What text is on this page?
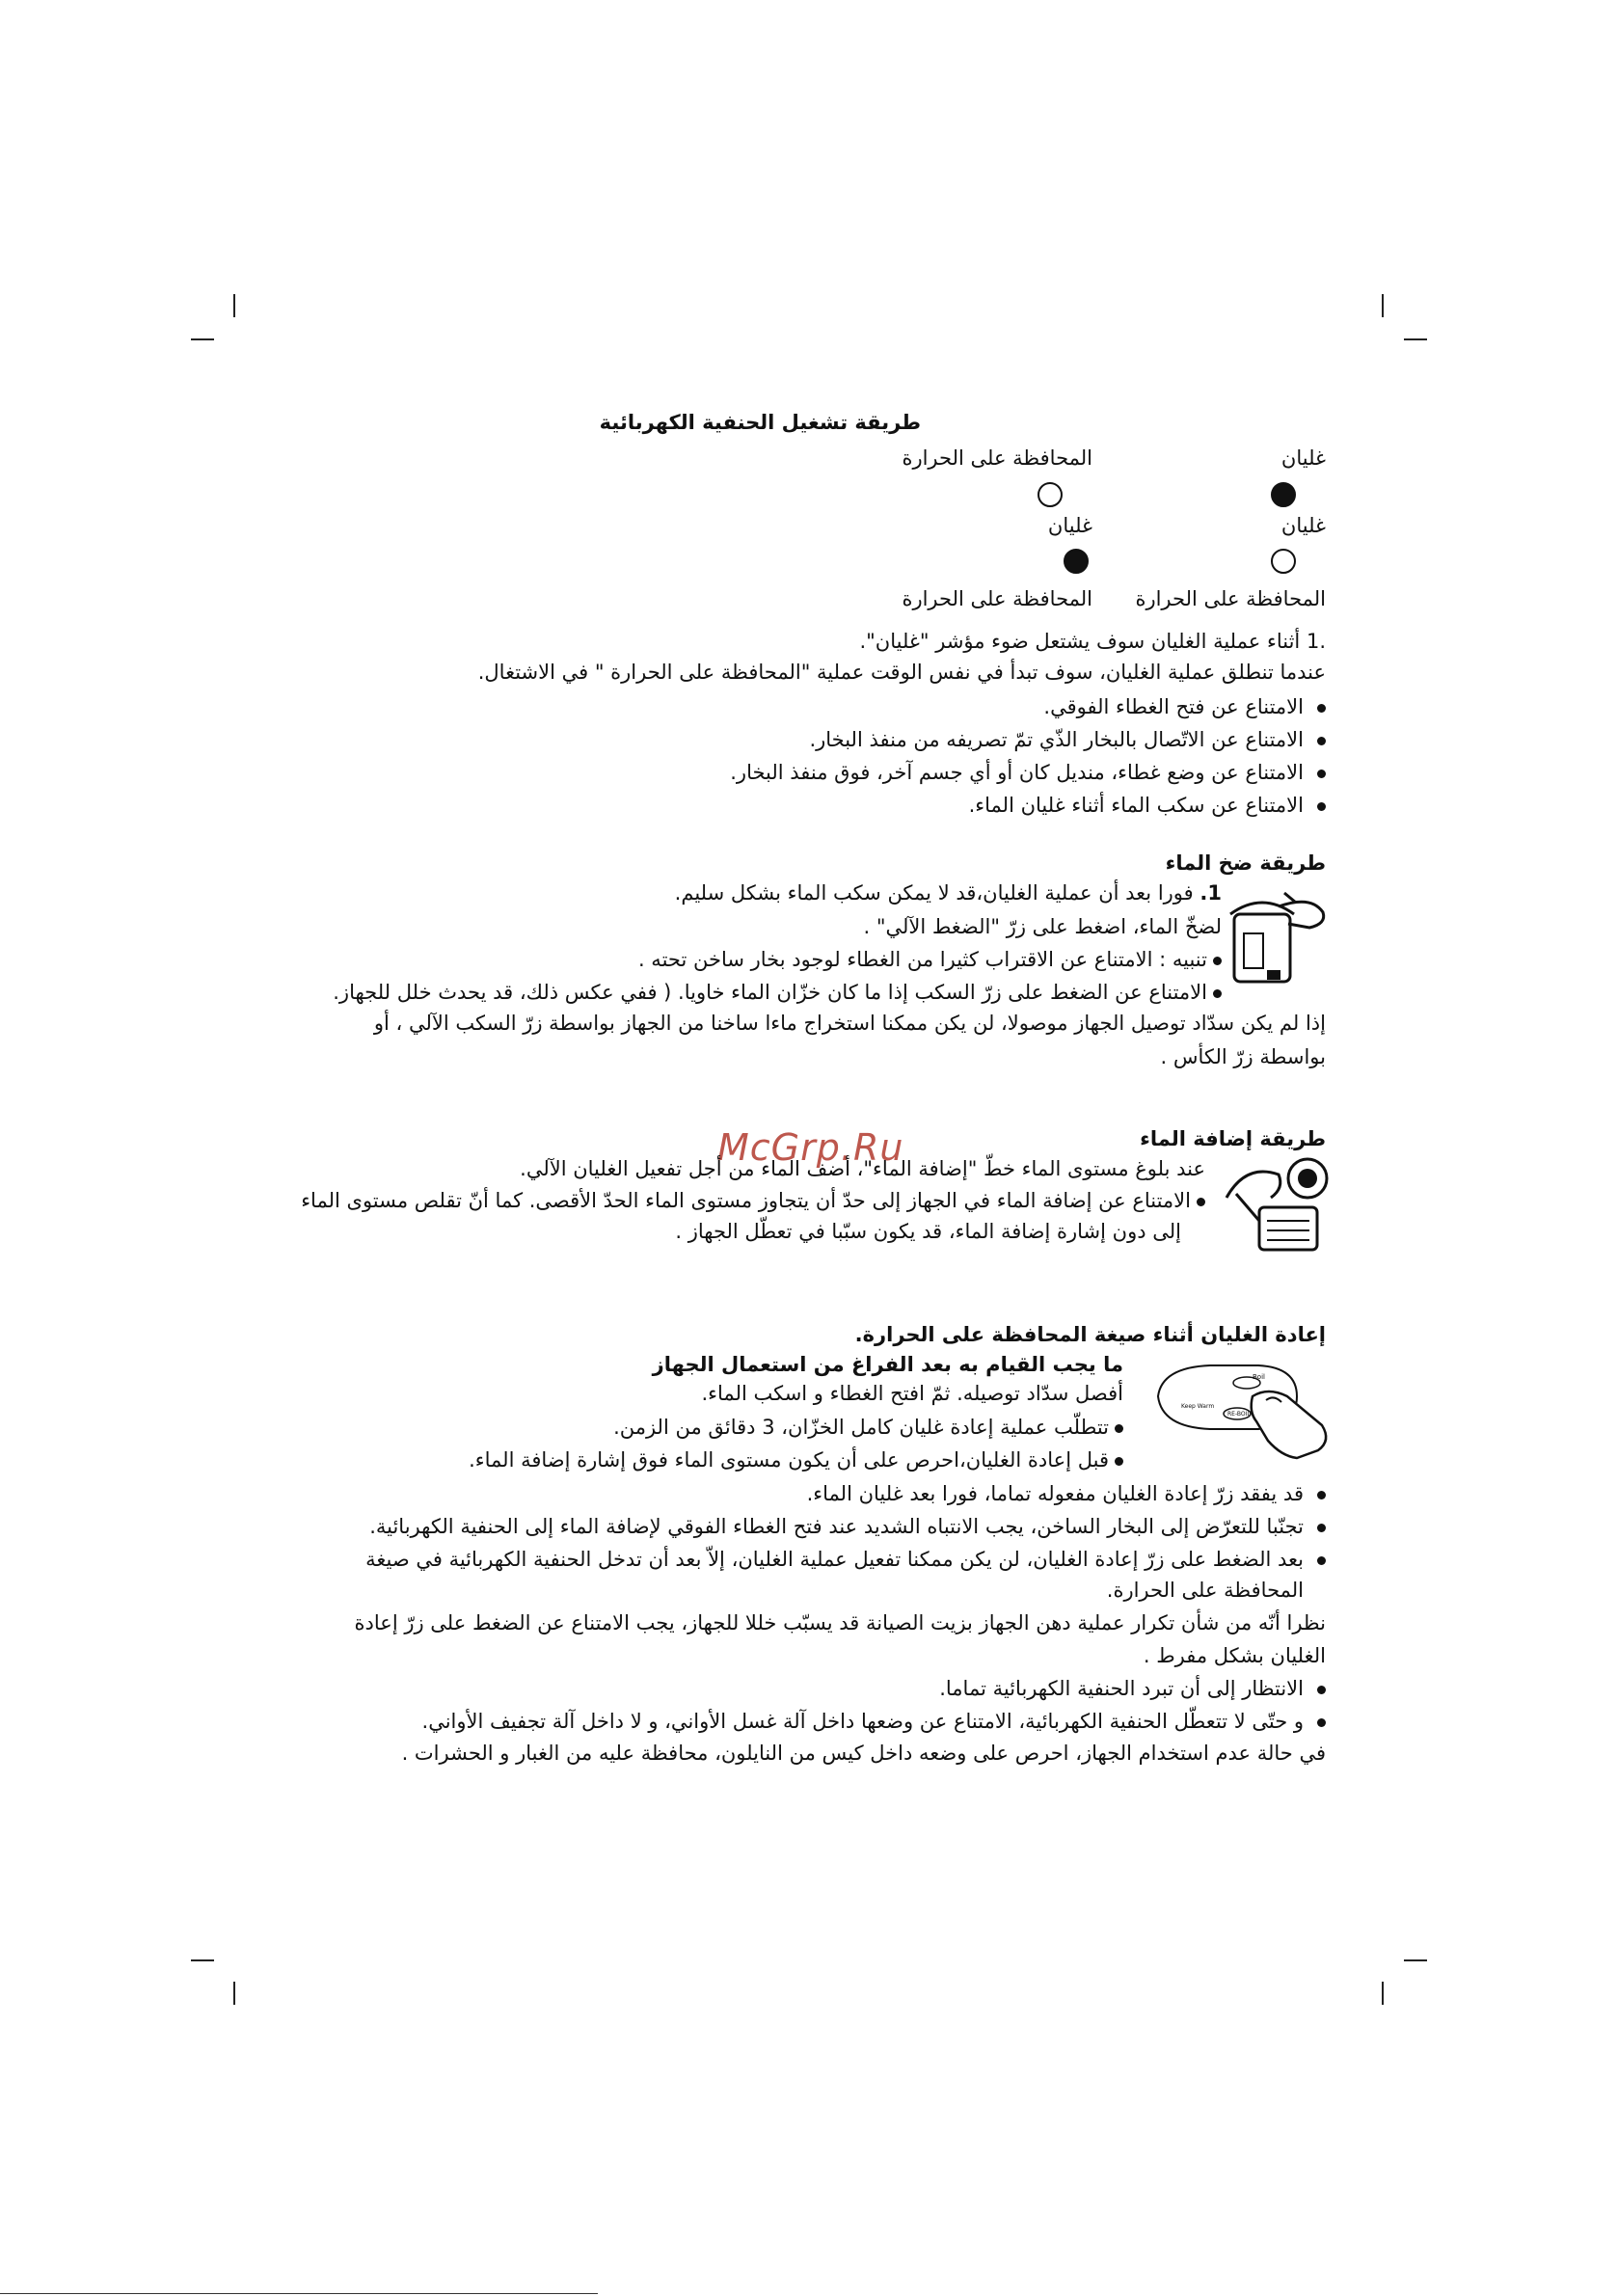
طريقة تشغيل الحنفية الكهربائية
غليان
المحافظة على الحرارة
غليان
غليان
المحافظة على الحرارة
المحافظة على الحرارة
.1 أثناء عملية الغليان سوف يشتعل ضوء مؤشر "غليان".
عندما تنطلق عملية الغليان، سوف تبدأ في نفس الوقت عملية "المحافظة على الحرارة " في الاشتغال.
الامتناع عن فتح الغطاء الفوقي.
الامتناع عن الاتّصال بالبخار الذّي تمّ تصريفه من منفذ البخار.
الامتناع عن وضع غطاء، منديل كان أو أي جسم آخر، فوق منفذ البخار.
الامتناع عن سكب الماء أثناء غليان الماء.
طريقة ضخ الماء
1. فورا بعد أن عملية الغليان،قد لا يمكن سكب الماء بشكل سليم.
لضخّ الماء، اضغط على زرّ "الضغط الآلي" .
تنبيه : الامتناع عن الاقتراب كثيرا من الغطاء لوجود بخار ساخن تحته .
الامتناع عن الضغط على زرّ السكب إذا ما كان خزّان الماء خاويا. ( ففي عكس ذلك، قد يحدث خلل للجهاز.
إذا لم يكن سدّاد توصيل الجهاز موصولا، لن يكن ممكنا استخراج ماءا ساخنا من الجهاز بواسطة زرّ السكب الآلي ، أو
بواسطة زرّ الكأس .
طريقة إضافة الماء
McGrp.Ru
عند بلوغ مستوى الماء خطّ "إضافة الماء"، أضف الماء من أجل تفعيل الغليان الآلي.
الامتناع عن إضافة الماء في الجهاز إلى حدّ أن يتجاوز مستوى الماء الحدّ الأقصى. كما أنّ تقلص مستوى الماء
إلى دون إشارة إضافة الماء، قد يكون سبّبا في تعطّل الجهاز .
إعادة الغليان أثناء صيغة المحافظة على الحرارة.
ما يجب القيام به بعد الفراغ من استعمال الجهاز
Boil
Keep Warm
RE-BOIL
أفصل سدّاد توصيله. ثمّ افتح الغطاء و اسكب الماء.
تتطلّب عملية إعادة غليان كامل الخزّان، 3 دقائق من الزمن.
قبل إعادة الغليان،احرص على أن يكون مستوى الماء فوق إشارة إضافة الماء.
قد يفقد زرّ إعادة الغليان مفعوله تماما، فورا بعد غليان الماء.
تجنّبا للتعرّض إلى البخار الساخن، يجب الانتباه الشديد عند فتح الغطاء الفوقي لإضافة الماء إلى الحنفية الكهربائية.
بعد الضغط على زرّ إعادة الغليان، لن يكن ممكنا تفعيل عملية الغليان، إلاّ بعد أن تدخل الحنفية الكهربائية في صيغة
المحافظة على الحرارة.
نظرا أنّه من شأن تكرار عملية دهن الجهاز بزيت الصيانة قد يسبّب خللا للجهاز، يجب الامتناع عن الضغط على زرّ إعادة
الغليان بشكل مفرط .
الانتظار إلى أن تبرد الحنفية الكهربائية تماما.
و حتّى لا تتعطّل الحنفية الكهربائية، الامتناع عن وضعها داخل آلة غسل الأواني، و لا داخل آلة تجفيف الأواني.
في حالة عدم استخدام الجهاز، احرص على وضعه داخل كيس من النايلون، محافظة عليه من الغبار و الحشرات .
